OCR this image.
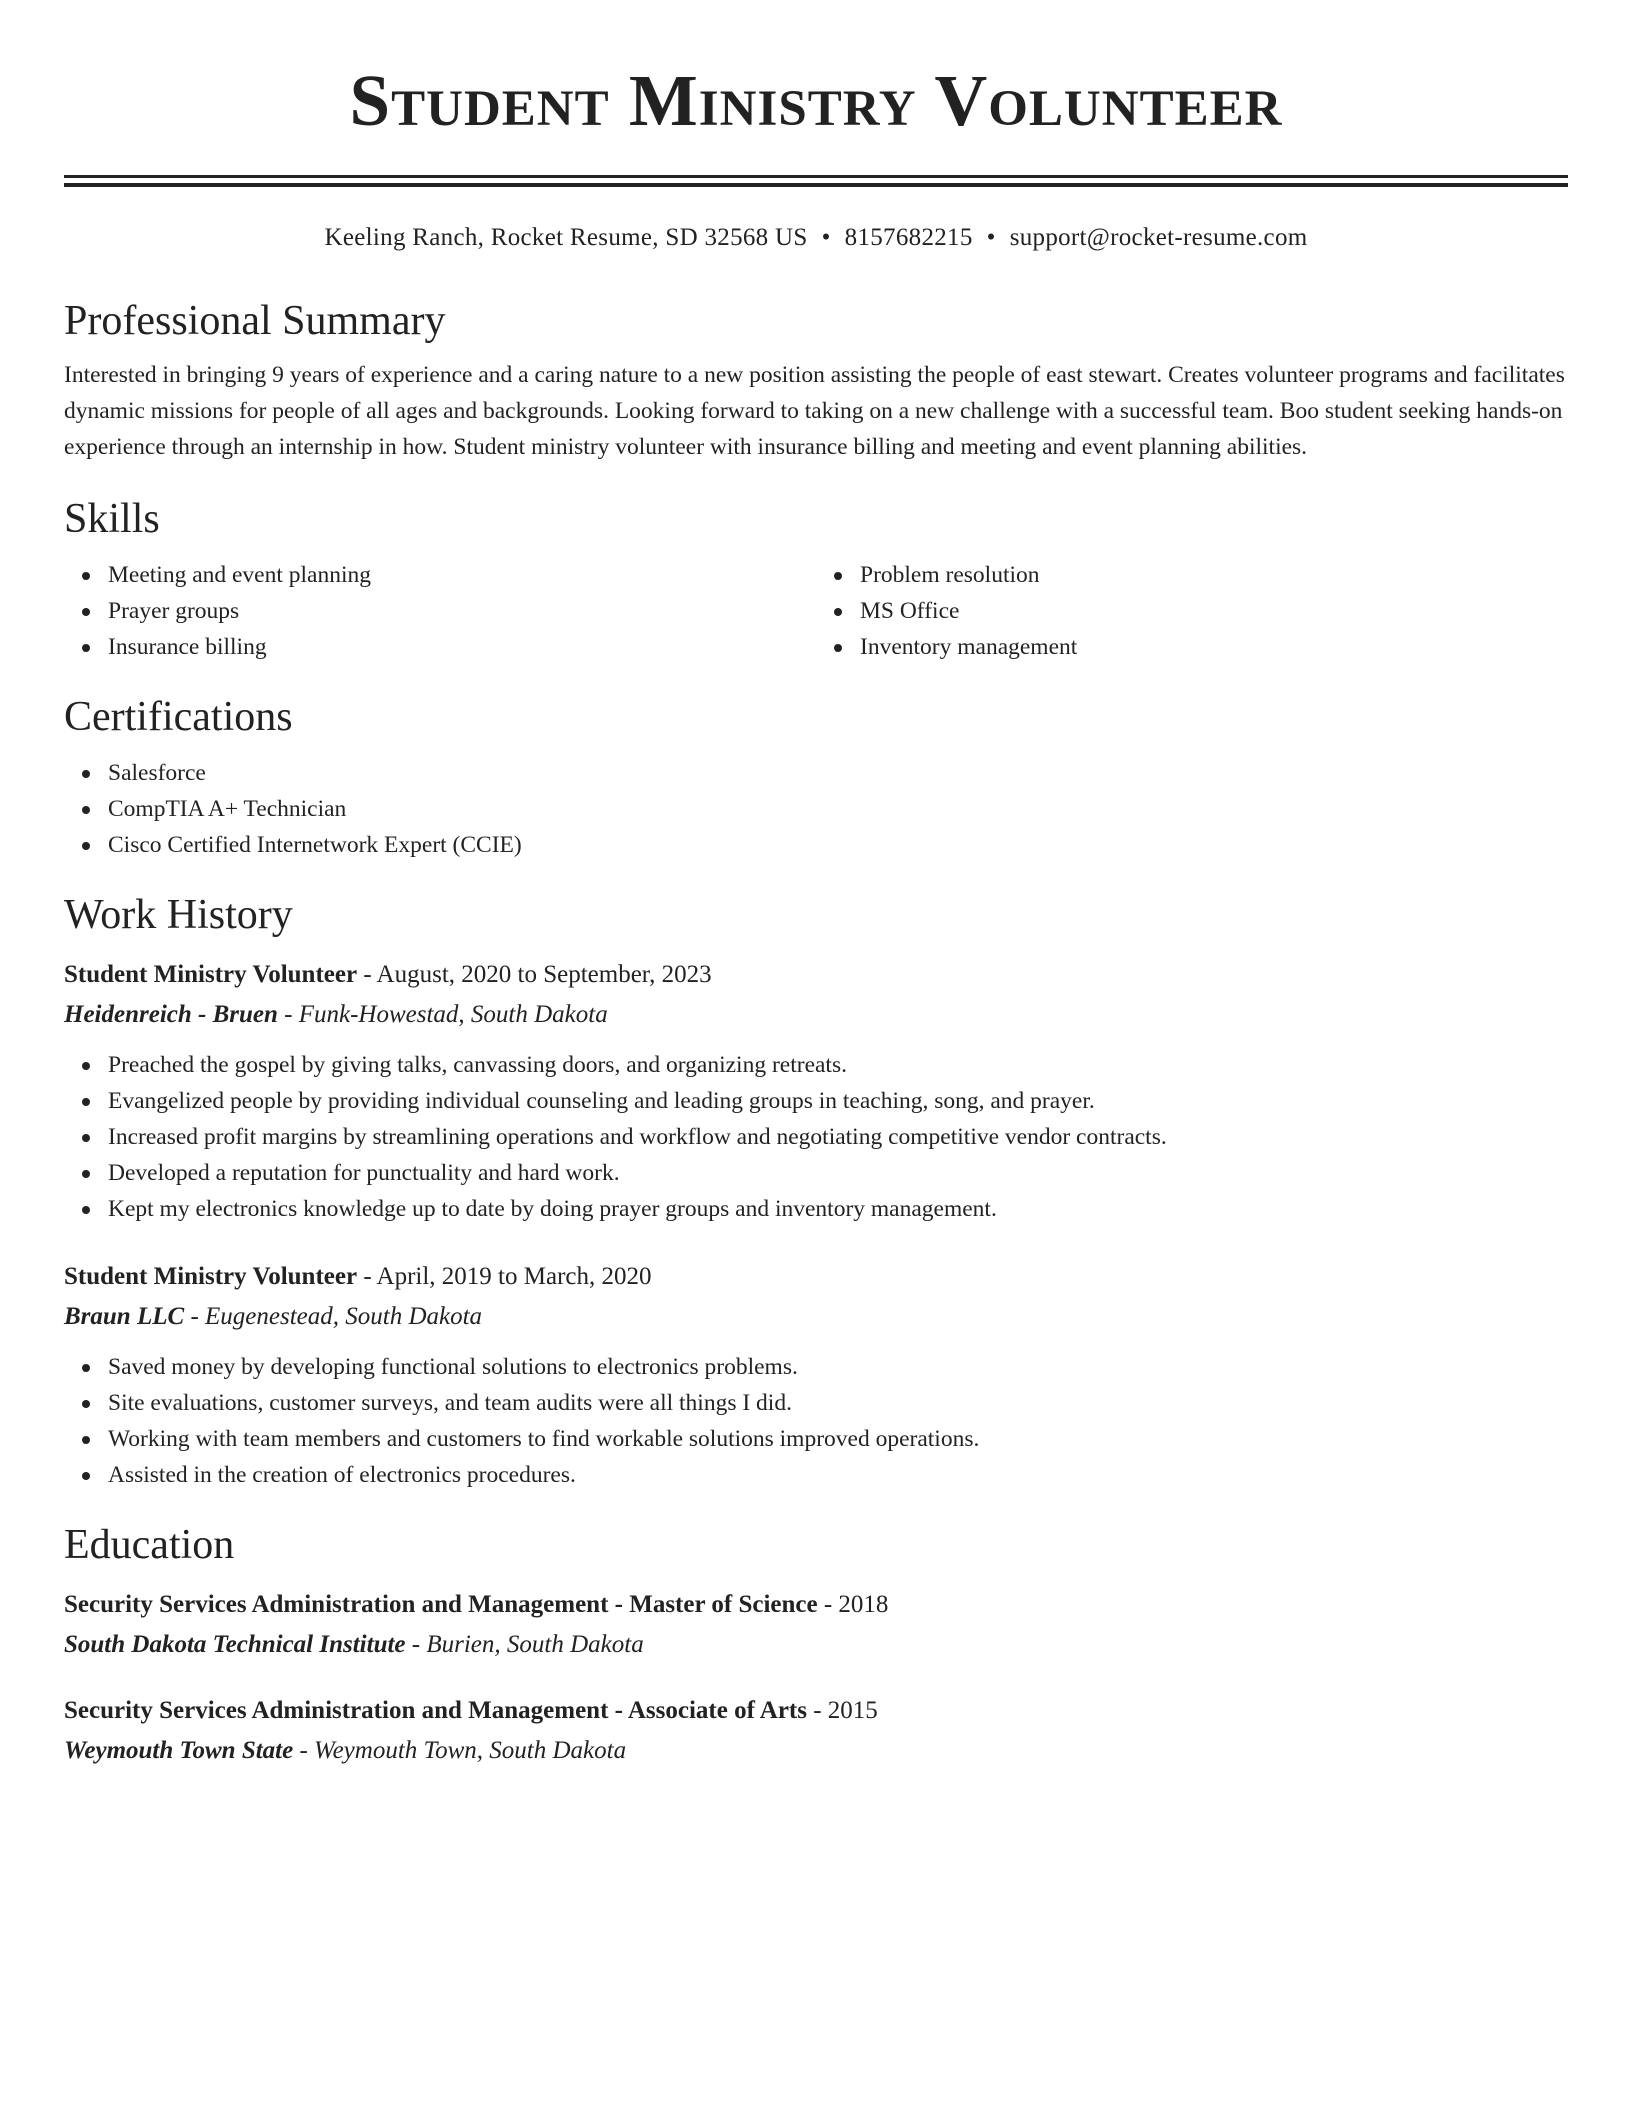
Student Ministry Volunteer
Keeling Ranch, Rocket Resume, SD 32568 US • 8157682215 • support@rocket-resume.com
Professional Summary
Interested in bringing 9 years of experience and a caring nature to a new position assisting the people of east stewart. Creates volunteer programs and facilitates dynamic missions for people of all ages and backgrounds. Looking forward to taking on a new challenge with a successful team. Boo student seeking hands-on experience through an internship in how. Student ministry volunteer with insurance billing and meeting and event planning abilities.
Skills
Meeting and event planning
Prayer groups
Insurance billing
Problem resolution
MS Office
Inventory management
Certifications
Salesforce
CompTIA A+ Technician
Cisco Certified Internetwork Expert (CCIE)
Work History
Student Ministry Volunteer - August, 2020 to September, 2023
Heidenreich - Bruen - Funk-Howestad, South Dakota
Preached the gospel by giving talks, canvassing doors, and organizing retreats.
Evangelized people by providing individual counseling and leading groups in teaching, song, and prayer.
Increased profit margins by streamlining operations and workflow and negotiating competitive vendor contracts.
Developed a reputation for punctuality and hard work.
Kept my electronics knowledge up to date by doing prayer groups and inventory management.
Student Ministry Volunteer - April, 2019 to March, 2020
Braun LLC - Eugenestead, South Dakota
Saved money by developing functional solutions to electronics problems.
Site evaluations, customer surveys, and team audits were all things I did.
Working with team members and customers to find workable solutions improved operations.
Assisted in the creation of electronics procedures.
Education
Security Services Administration and Management - Master of Science - 2018
South Dakota Technical Institute - Burien, South Dakota
Security Services Administration and Management - Associate of Arts - 2015
Weymouth Town State - Weymouth Town, South Dakota
